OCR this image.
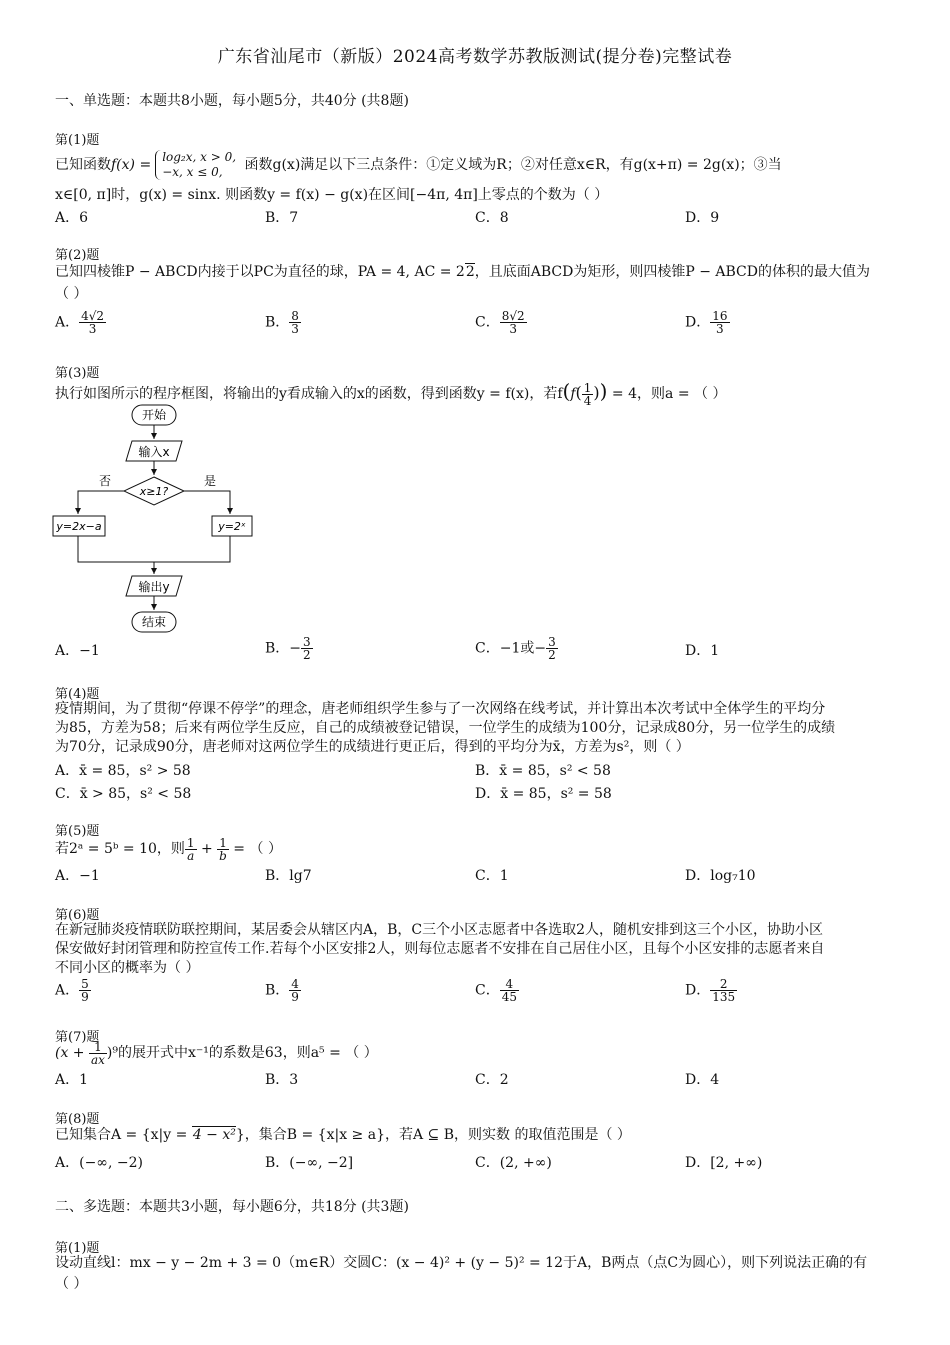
广东省汕尾市（新版）2024高考数学苏教版测试(提分卷)完整试卷
一、单选题：本题共8小题，每小题5分，共40分 (共8题)
第(1)题
已知函数f(x) = log₂x, x > 0,
−x, x ≤ 0,	函数g(x)满足以下三点条件：①定义域为R；②对任意x∈R，有g(x+π) = 2g(x)；③当
x∈[0, π]时，g(x) = sinx. 则函数y = f(x) − g(x)在区间[−4π, 4π]上零点的个数为（ ）
A．6	B．7	C．8	D．9
第(2)题
已知四棱锥P − ABCD内接于以PC为直径的球，PA = 4, AC = 22，且底面ABCD为矩形，则四棱锥P − ABCD的体积的最大值为
（ ）
A． $\frac{4√2}{3}$	B． $\frac{8}{3}$	C． $\frac{8√2}{3}$	D． $\frac{16}{3}$
第(3)题
执行如图所示的程序框图，将输出的y看成输入的x的函数，得到函数y = f(x)，若$f(f( \frac{1}{4}$ )) = 4，则a = （ ）
开始
输入x
x≥1?
否	是
y=2x−a	y=2ˣ
输出y
结束
A．−1	B．− $\frac{3}{2}$	C．−1或− $\frac{3}{2}$	D．1
第(4)题
疫情期间，为了贯彻“停课不停学”的理念，唐老师组织学生参与了一次网络在线考试，并计算出本次考试中全体学生的平均分
为85，方差为58；后来有两位学生反应，自己的成绩被登记错误，一位学生的成绩为100分，记录成80分，另一位学生的成绩
为70分，记录成90分，唐老师对这两位学生的成绩进行更正后，得到的平均分为x̄，方差为s²，则（ ）
A．x̄ = 85，s² > 58	B．x̄ = 85，s² < 58
C．x̄ > 85，s² < 58	D．x̄ = 85，s² = 58
第(5)题
若2ᵃ = 5ᵇ = 10，则 $\frac{1}{a} + \frac{1}{b}$ = （ ）
A．−1	B．lg7	C．1	D．log₇10
第(6)题
在新冠肺炎疫情联防联控期间，某居委会从辖区内A，B，C三个小区志愿者中各选取2人，随机安排到这三个小区，协助小区
保安做好封闭管理和防控宣传工作.若每个小区安排2人，则每位志愿者不安排在自己居住小区，且每个小区安排的志愿者来自
不同小区的概率为（ ）
A． $\frac{5}{9}$	B． $\frac{4}{9}$	C． $\frac{4}{45}$	D． $\frac{2}{135}$
第(7)题
$(x + \frac{1}{ax} )^9$的展开式中x⁻¹的系数是63，则a⁵ = （ ）
A．1	B．3	C．2	D．4
第(8)题
已知集合A = {x|y = 4 − x²}，集合B = {x|x ≥ a}，若A ⊆ B，则实数 的取值范围是（ ）
A．(−∞, −2)	B．(−∞, −2]	C．(2, +∞)	D．[2, +∞)
二、多选题：本题共3小题，每小题6分，共18分 (共3题)
第(1)题
设动直线l：mx − y − 2m + 3 = 0（m∈R）交圆C：(x − 4)² + (y − 5)² = 12于A，B两点（点C为圆心），则下列说法正确的有
（ ）
